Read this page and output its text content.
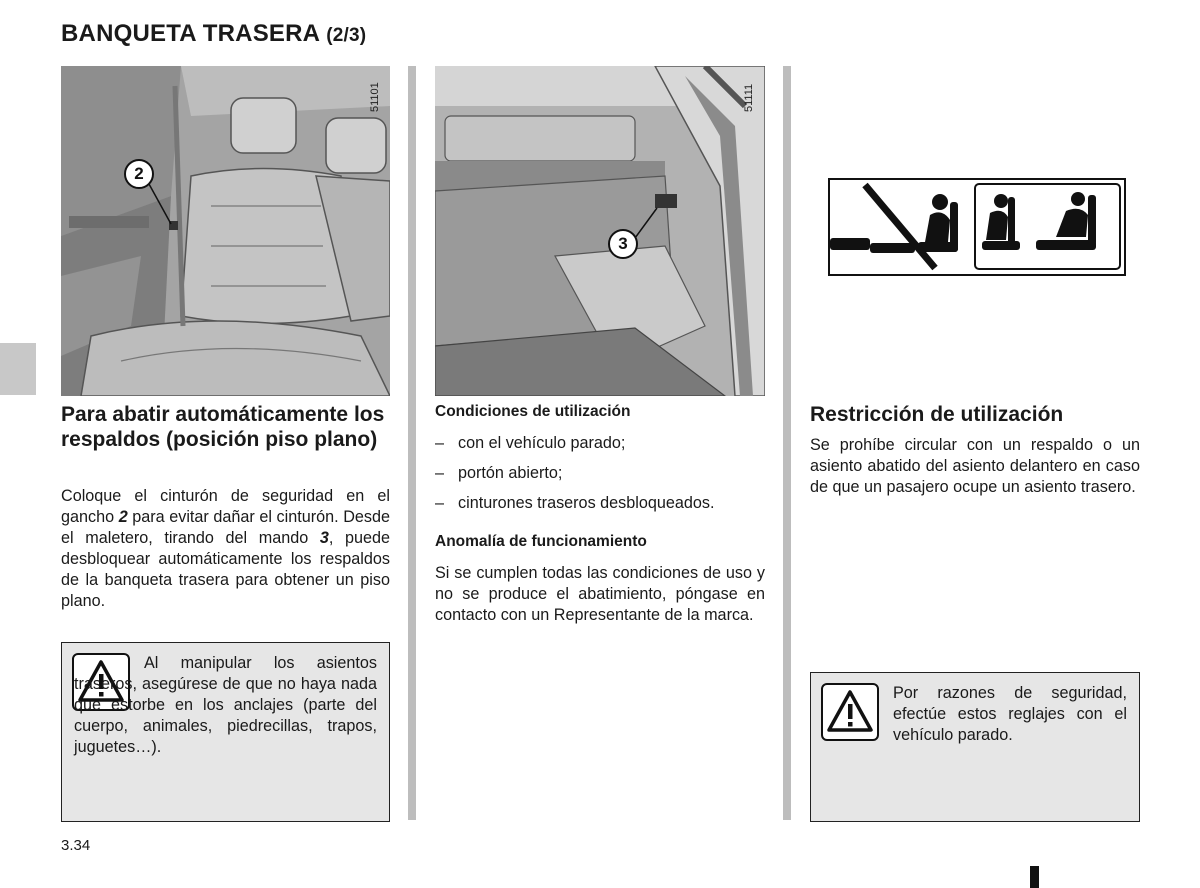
BANQUETA TRASERA (2/3)
51101
2
51111
3
Para abatir automáticamente los respaldos (posición piso plano)

Coloque el cinturón de seguridad en el gancho 2 para evitar dañar el cinturón. Desde el maletero, tirando del mando 3, puede desbloquear automáticamente los respaldos de la banqueta trasera para obtener un piso plano.

Al manipular los asientos traseros, asegúrese de que no haya nada que estorbe en los anclajes (parte del cuerpo, animales, piedrecillas, trapos, juguetes…).
Condiciones de utilización
– con el vehículo parado;
– portón abierto;
– cinturones traseros desbloqueados.
Anomalía de funcionamiento
Si se cumplen todas las condiciones de uso y no se produce el abatimiento, póngase en contacto con un Representante de la marca.
Restricción de utilización
Se prohíbe circular con un respaldo o un asiento abatido del asiento delantero en caso de que un pasajero ocupe un asiento trasero.
Por razones de seguridad, efectúe estos reglajes con el vehículo parado.
3.34
